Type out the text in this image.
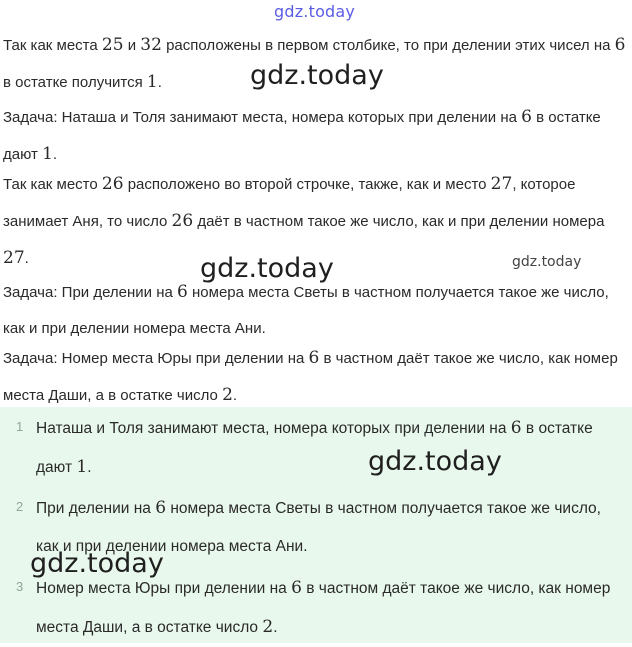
gdz.today

Так как места 25 и 32 расположены в первом столбике, то при делении этих чисел на 6 в остатке получится 1.

Задача: Наташа и Толя занимают места, номера которых при делении на 6 в остатке дают 1.

Так как место 26 расположено во второй строчке, также, как и место 27, которое занимает Аня, то число 26 даёт в частном такое же число, как и при делении номера 27.

Задача: При делении на 6 номера места Светы в частном получается такое же число, как и при делении номера места Ани.

Задача: Номер места Юры при делении на 6 в частном даёт такое же число, как номер места Даши, а в остатке число 2.

1 Наташа и Толя занимают места, номера которых при делении на 6 в остатке дают 1.

2 При делении на 6 номера места Светы в частном получается такое же число, как и при делении номера места Ани.

3 Номер места Юры при делении на 6 в частном даёт такое же число, как номер места Даши, а в остатке число 2.

gdz.today
gdz.today	gdz.today
gdz.today
gdz.today
